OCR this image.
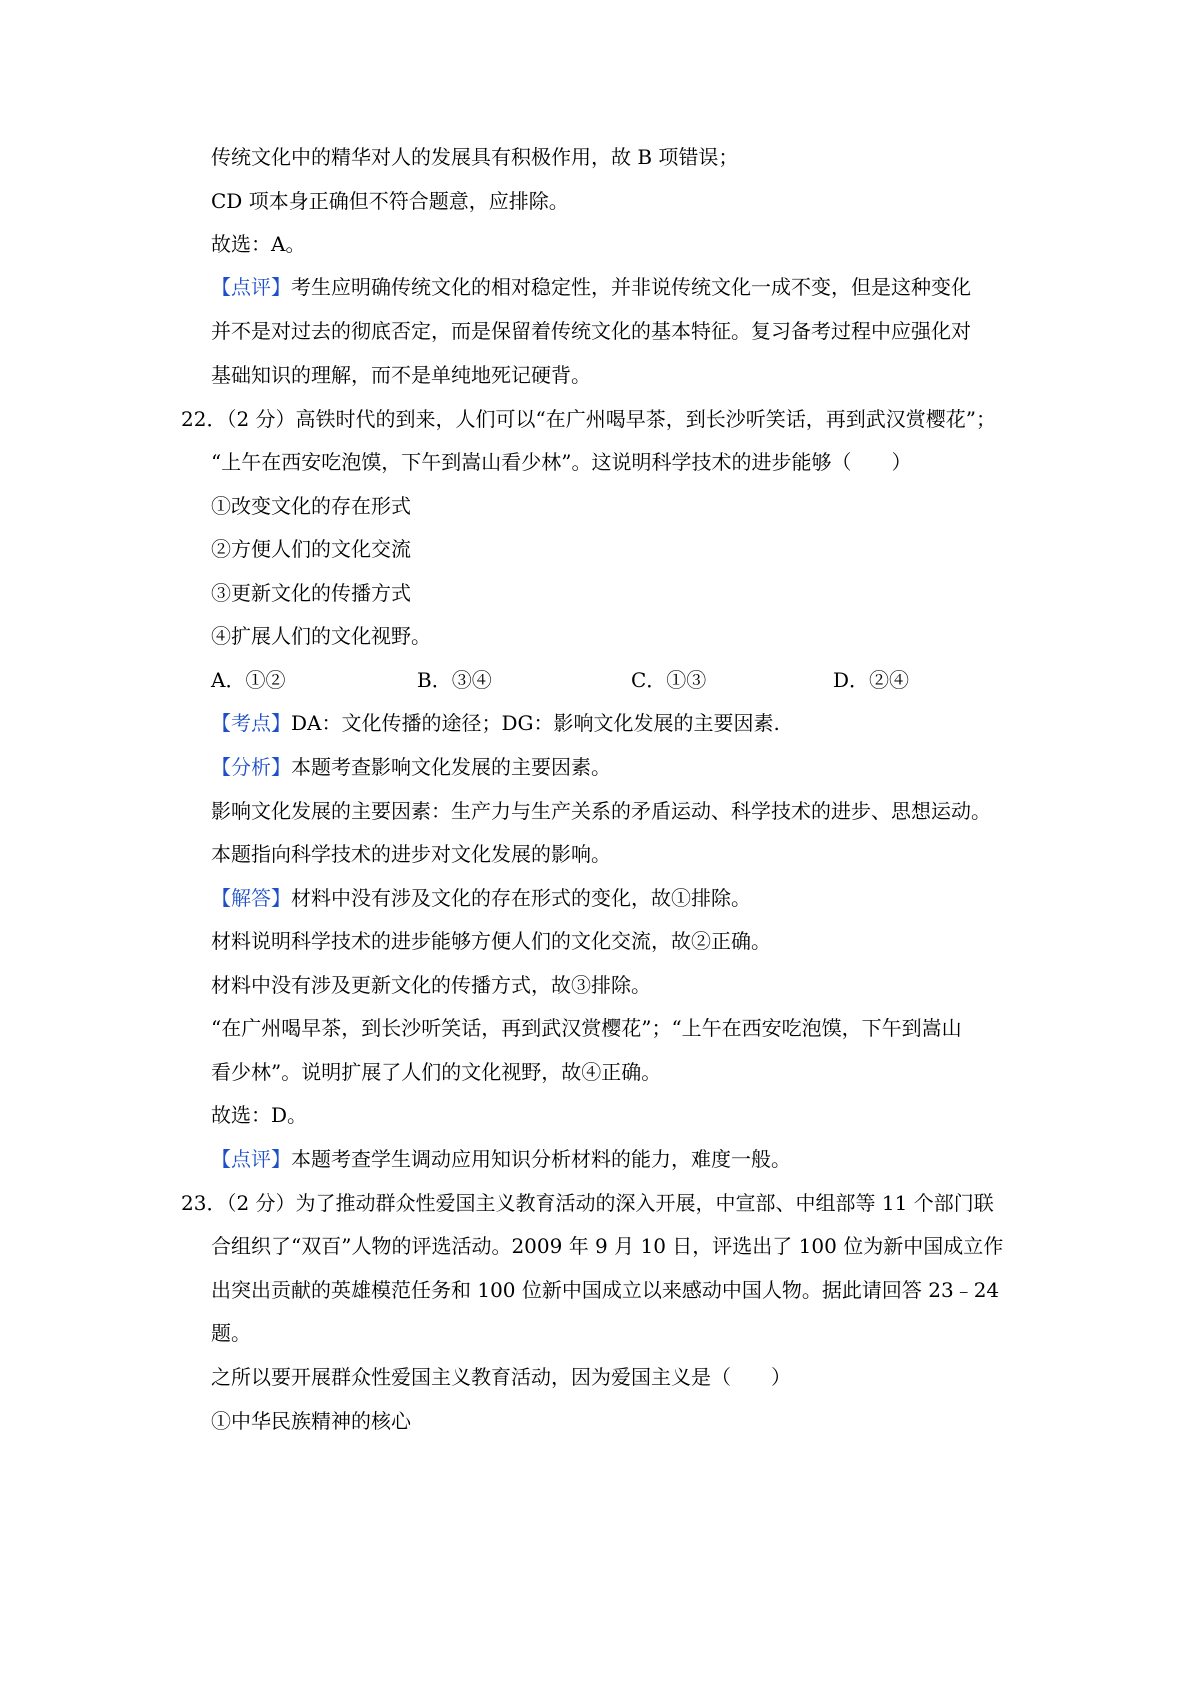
传统文化中的精华对人的发展具有积极作用，故 B 项错误；
CD 项本身正确但不符合题意，应排除。
故选：A。
【点评】考生应明确传统文化的相对稳定性，并非说传统文化一成不变，但是这种变化
并不是对过去的彻底否定，而是保留着传统文化的基本特征。复习备考过程中应强化对
基础知识的理解，而不是单纯地死记硬背。
22．（2 分）高铁时代的到来，人们可以“在广州喝早茶，到长沙听笑话，再到武汉赏樱花”；
“上午在西安吃泡馍，下午到嵩山看少林”。这说明科学技术的进步能够（　　）
①改变文化的存在形式
②方便人们的文化交流
③更新文化的传播方式
④扩展人们的文化视野。
A．①②	B．③④	C．①③	D．②④
【考点】DA：文化传播的途径；DG：影响文化发展的主要因素.
【分析】本题考查影响文化发展的主要因素。
影响文化发展的主要因素：生产力与生产关系的矛盾运动、科学技术的进步、思想运动。
本题指向科学技术的进步对文化发展的影响。
【解答】材料中没有涉及文化的存在形式的变化，故①排除。
材料说明科学技术的进步能够方便人们的文化交流，故②正确。
材料中没有涉及更新文化的传播方式，故③排除。
“在广州喝早茶，到长沙听笑话，再到武汉赏樱花”；“上午在西安吃泡馍，下午到嵩山
看少林”。说明扩展了人们的文化视野，故④正确。
故选：D。
【点评】本题考查学生调动应用知识分析材料的能力，难度一般。
23．（2 分）为了推动群众性爱国主义教育活动的深入开展，中宣部、中组部等 11 个部门联
合组织了“双百”人物的评选活动。2009 年 9 月 10 日，评选出了 100 位为新中国成立作
出突出贡献的英雄模范任务和 100 位新中国成立以来感动中国人物。据此请回答 23﹣24
题。
之所以要开展群众性爱国主义教育活动，因为爱国主义是（　　）
①中华民族精神的核心
